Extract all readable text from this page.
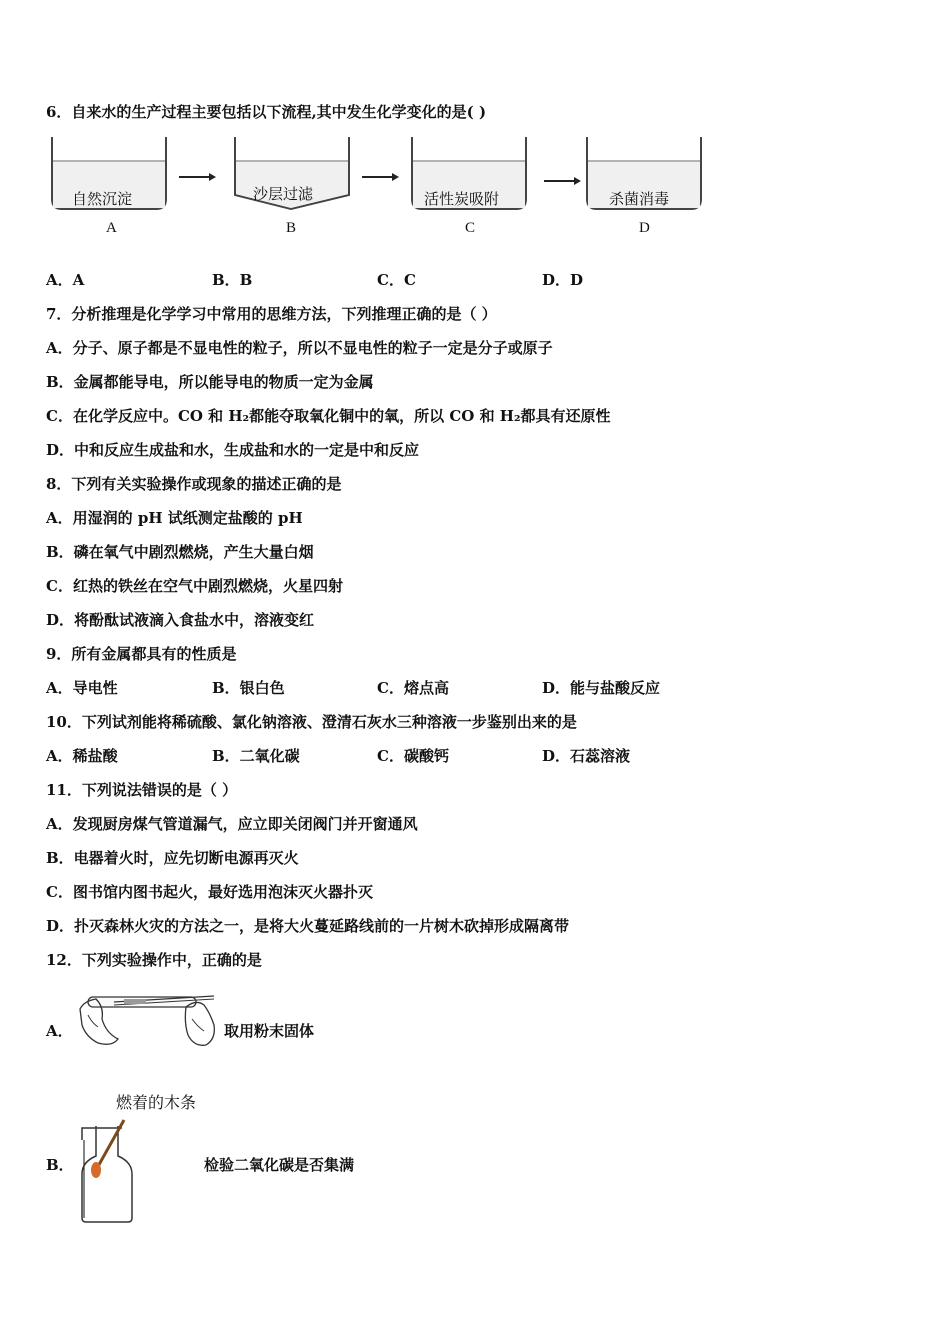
6．自来水的生产过程主要包括以下流程,其中发生化学变化的是( )
自然沉淀
A
沙层过滤
B
活性炭吸附
C
杀菌消毒
D
A．A	B．B	C．C	D．D
7．分析推理是化学学习中常用的思维方法，下列推理正确的是（ ）
A．分子、原子都是不显电性的粒子，所以不显电性的粒子一定是分子或原子
B．金属都能导电，所以能导电的物质一定为金属
C．在化学反应中。CO 和 H₂都能夺取氧化铜中的氧，所以 CO 和 H₂都具有还原性
D．中和反应生成盐和水，生成盐和水的一定是中和反应
8．下列有关实验操作或现象的描述正确的是
A．用湿润的 pH 试纸测定盐酸的 pH
B．磷在氧气中剧烈燃烧，产生大量白烟
C．红热的铁丝在空气中剧烈燃烧，火星四射
D．将酚酞试液滴入食盐水中，溶液变红
9．所有金属都具有的性质是
A．导电性	B．银白色	C．熔点高	D．能与盐酸反应
10．下列试剂能将稀硫酸、氯化钠溶液、澄清石灰水三种溶液一步鉴别出来的是
A．稀盐酸	B．二氧化碳	C．碳酸钙	D．石蕊溶液
11．下列说法错误的是（ ）
A．发现厨房煤气管道漏气，应立即关闭阀门并开窗通风
B．电器着火时，应先切断电源再灭火
C．图书馆内图书起火，最好选用泡沫灭火器扑灭
D．扑灭森林火灾的方法之一，是将大火蔓延路线前的一片树木砍掉形成隔离带
12．下列实验操作中，正确的是
A．	取用粉末固体
燃着的木条
B．	检验二氧化碳是否集满
